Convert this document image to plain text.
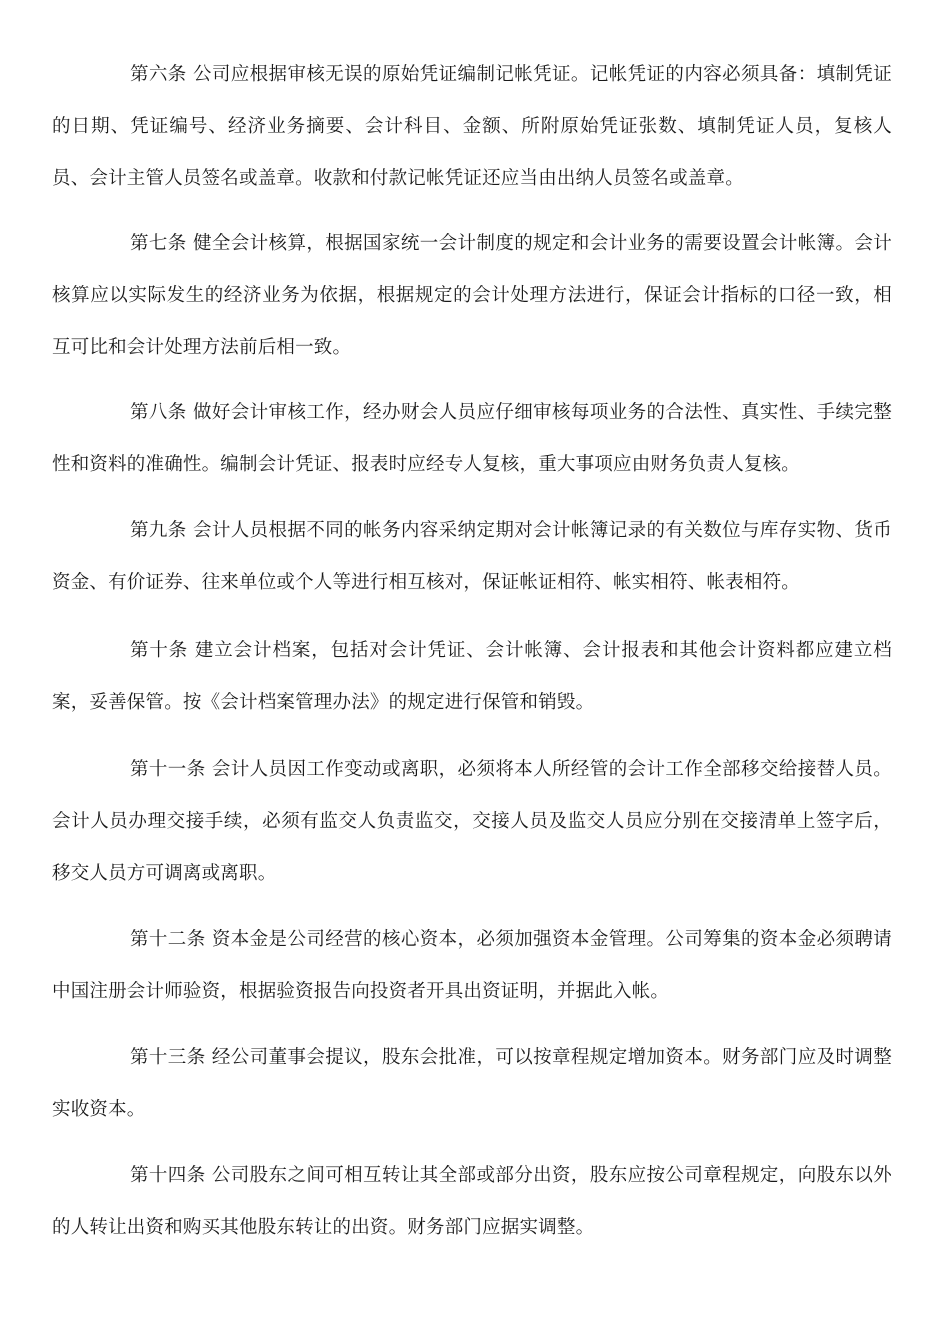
第六条 公司应根据审核无误的原始凭证编制记帐凭证。记帐凭证的内容必须具备：填制凭证的日期、凭证编号、经济业务摘要、会计科目、金额、所附原始凭证张数、填制凭证人员，复核人员、会计主管人员签名或盖章。收款和付款记帐凭证还应当由出纳人员签名或盖章。

第七条 健全会计核算，根据国家统一会计制度的规定和会计业务的需要设置会计帐簿。会计核算应以实际发生的经济业务为依据，根据规定的会计处理方法进行，保证会计指标的口径一致，相互可比和会计处理方法前后相一致。

第八条 做好会计审核工作，经办财会人员应仔细审核每项业务的合法性、真实性、手续完整性和资料的准确性。编制会计凭证、报表时应经专人复核，重大事项应由财务负责人复核。

第九条 会计人员根据不同的帐务内容采纳定期对会计帐簿记录的有关数位与库存实物、货币资金、有价证券、往来单位或个人等进行相互核对，保证帐证相符、帐实相符、帐表相符。

第十条 建立会计档案，包括对会计凭证、会计帐簿、会计报表和其他会计资料都应建立档案，妥善保管。按《会计档案管理办法》的规定进行保管和销毁。

第十一条 会计人员因工作变动或离职，必须将本人所经管的会计工作全部移交给接替人员。会计人员办理交接手续，必须有监交人负责监交，交接人员及监交人员应分别在交接清单上签字后，移交人员方可调离或离职。

第十二条 资本金是公司经营的核心资本，必须加强资本金管理。公司筹集的资本金必须聘请中国注册会计师验资，根据验资报告向投资者开具出资证明，并据此入帐。

第十三条 经公司董事会提议，股东会批准，可以按章程规定增加资本。财务部门应及时调整实收资本。

第十四条 公司股东之间可相互转让其全部或部分出资，股东应按公司章程规定，向股东以外的人转让出资和购买其他股东转让的出资。财务部门应据实调整。
